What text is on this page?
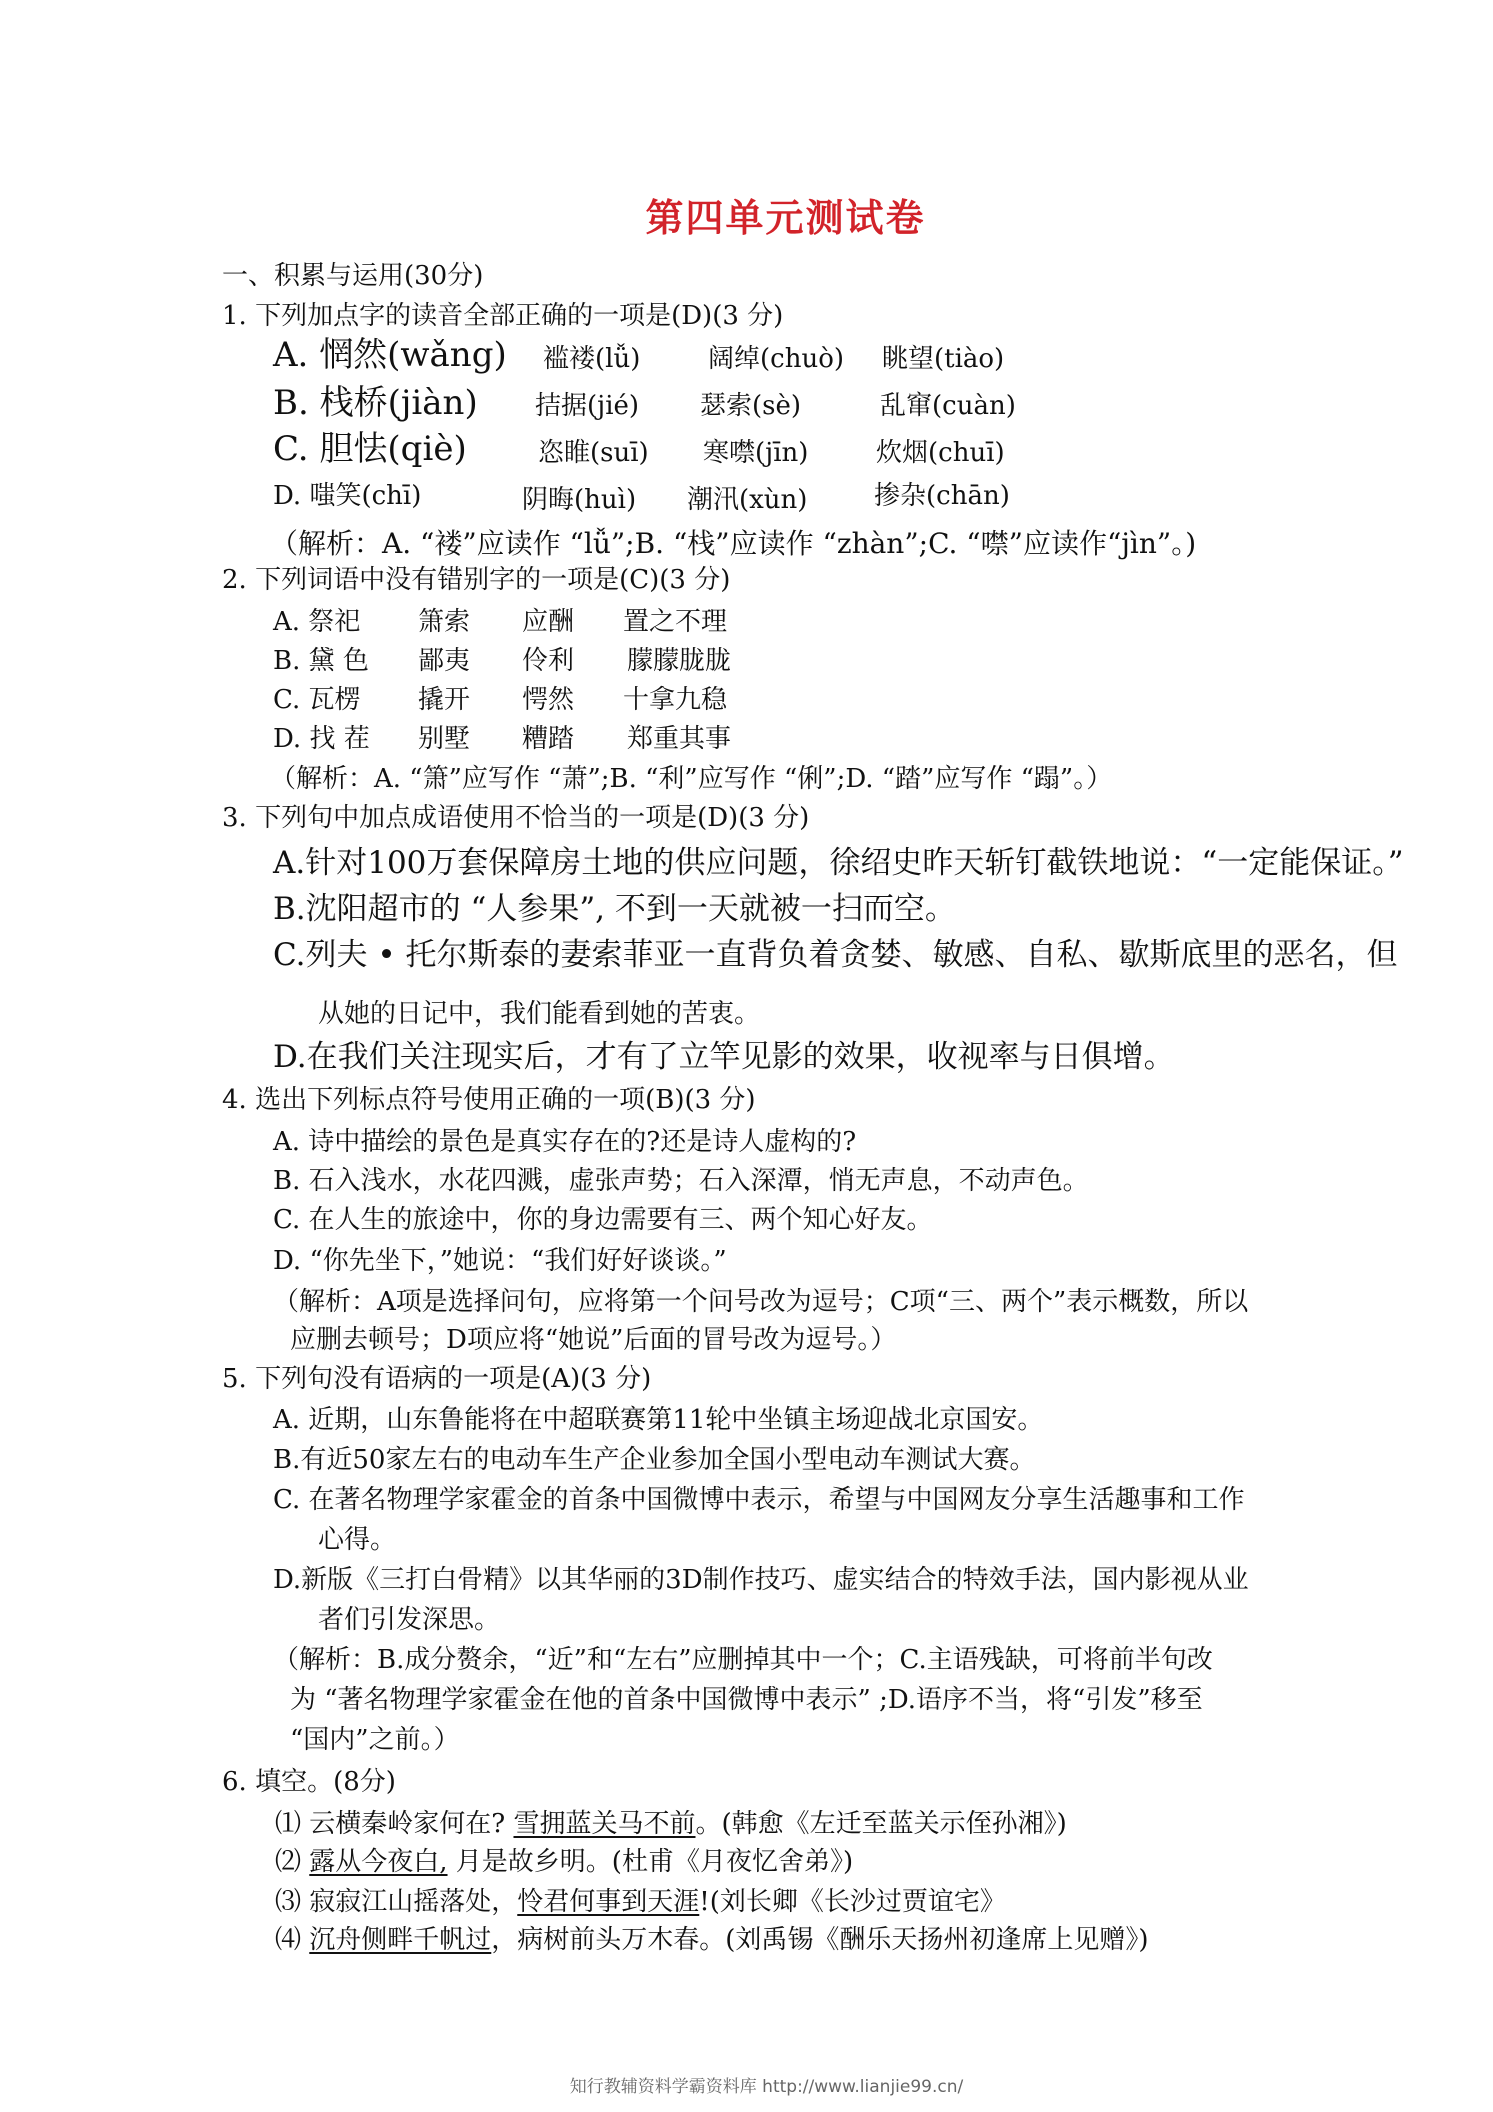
第四单元测试卷
一、积累与运用(30分)
1. 下列加点字的读音全部正确的一项是(D)(3 分)
A. 惘然(wǎng) 褴褛(lǚ)	阔绰(chuò) 眺望(tiào)
B. 栈桥(jiàn) 拮据(jié) 瑟索(sè)	乱窜(cuàn)
C. 胆怯(qiè)	恣睢(suī) 寒噤(jīn)	炊烟(chuī)
D. 嗤笑(chī)	阴晦(huì) 潮汛(xùn)	掺杂(chān)
（解析：A. “褛”应读作 “lǚ”;B. “栈”应读作 “zhàn”;C. “噤”应读作“jìn”。)
2. 下列词语中没有错别字的一项是(C)(3 分)
A. 祭祀 箫索 应酬 置之不理
B. 黛 色 鄙夷 伶利 朦朦胧胧
C. 瓦楞 撬开 愕然 十拿九稳
D. 找 茬 别墅 糟踏 郑重其事
（解析：A. “箫”应写作 “萧”;B. “利”应写作 “俐”;D. “踏”应写作 “蹋”。）
3. 下列句中加点成语使用不恰当的一项是(D)(3 分)
A.针对100万套保障房土地的供应问题，徐绍史昨天斩钉截铁地说：“一定能保证。”
B.沈阳超市的 “人参果”, 不到一天就被一扫而空。
C.列夫 • 托尔斯泰的妻索菲亚一直背负着贪婪、敏感、自私、歇斯底里的恶名，但
从她的日记中，我们能看到她的苦衷。
D.在我们关注现实后，才有了立竿见影的效果，收视率与日俱增。
4. 选出下列标点符号使用正确的一项(B)(3 分)
A. 诗中描绘的景色是真实存在的?还是诗人虚构的?
B. 石入浅水，水花四溅，虚张声势；石入深潭，悄无声息，不动声色。
C. 在人生的旅途中，你的身边需要有三、两个知心好友。
D. “你先坐下，”她说：“我们好好谈谈。”
（解析：A项是选择问句，应将第一个问号改为逗号；C项“三、两个”表示概数，所以
应删去顿号；D项应将“她说”后面的冒号改为逗号。）
5. 下列句没有语病的一项是(A)(3 分)
A. 近期，山东鲁能将在中超联赛第11轮中坐镇主场迎战北京国安。
B.有近50家左右的电动车生产企业参加全国小型电动车测试大赛。
C. 在著名物理学家霍金的首条中国微博中表示，希望与中国网友分享生活趣事和工作
心得。
D.新版《三打白骨精》以其华丽的3D制作技巧、虚实结合的特效手法，国内影视从业
者们引发深思。
（解析：B.成分赘余，“近”和“左右”应删掉其中一个；C.主语残缺，可将前半句改
为 “著名物理学家霍金在他的首条中国微博中表示” ;D.语序不当，将“引发”移至
“国内”之前。）
6. 填空。(8分)
⑴ 云横秦岭家何在? 雪拥蓝关马不前。(韩愈《左迁至蓝关示侄孙湘》)
⑵ 露从今夜白, 月是故乡明。(杜甫《月夜忆舍弟》)
⑶ 寂寂江山摇落处，怜君何事到天涯!(刘长卿《长沙过贾谊宅》
⑷ 沉舟侧畔千帆过，病树前头万木春。(刘禹锡《酬乐天扬州初逢席上见赠》)
知行教辅资料学霸资料库 http://www.lianjie99.cn/
